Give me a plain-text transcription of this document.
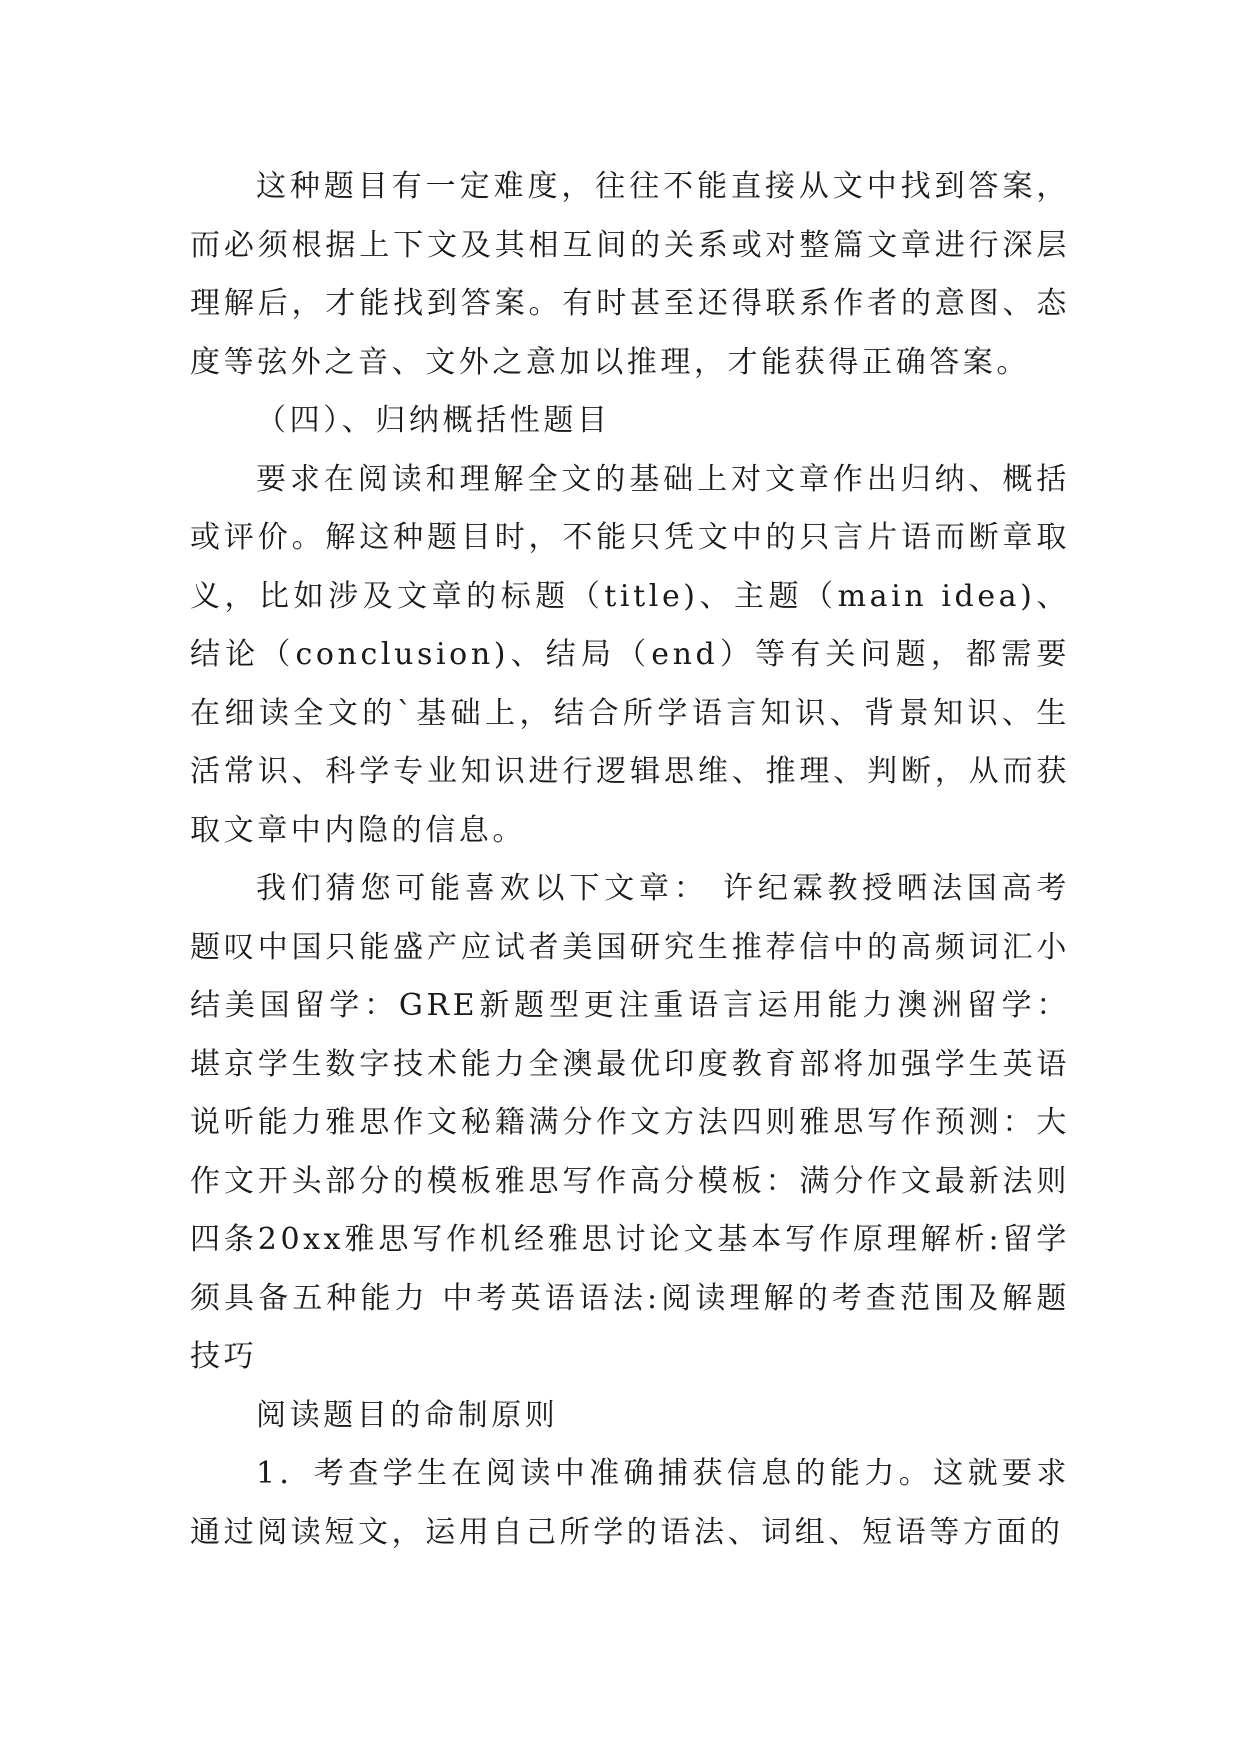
这种题目有一定难度，往往不能直接从文中找到答案，而必须根据上下文及其相互间的关系或对整篇文章进行深层理解后，才能找到答案。有时甚至还得联系作者的意图、态度等弦外之音、文外之意加以推理，才能获得正确答案。

（四）、归纳概括性题目

要求在阅读和理解全文的基础上对文章作出归纳、概括或评价。解这种题目时，不能只凭文中的只言片语而断章取义，比如涉及文章的标题（title)、主题（main idea)、结论（conclusion)、结局（end）等有关问题，都需要在细读全文的`基础上，结合所学语言知识、背景知识、生活常识、科学专业知识进行逻辑思维、推理、判断，从而获取文章中内隐的信息。

我们猜您可能喜欢以下文章： 许纪霖教授晒法国高考题叹中国只能盛产应试者美国研究生推荐信中的高频词汇小结美国留学：GRE新题型更注重语言运用能力澳洲留学：堪京学生数字技术能力全澳最优印度教育部将加强学生英语说听能力雅思作文秘籍满分作文方法四则雅思写作预测：大作文开头部分的模板雅思写作高分模板：满分作文最新法则四条20xx雅思写作机经雅思讨论文基本写作原理解析:留学须具备五种能力 中考英语语法:阅读理解的考查范围及解题技巧

阅读题目的命制原则

1．考查学生在阅读中准确捕获信息的能力。这就要求通过阅读短文，运用自己所学的语法、词组、短语等方面的
